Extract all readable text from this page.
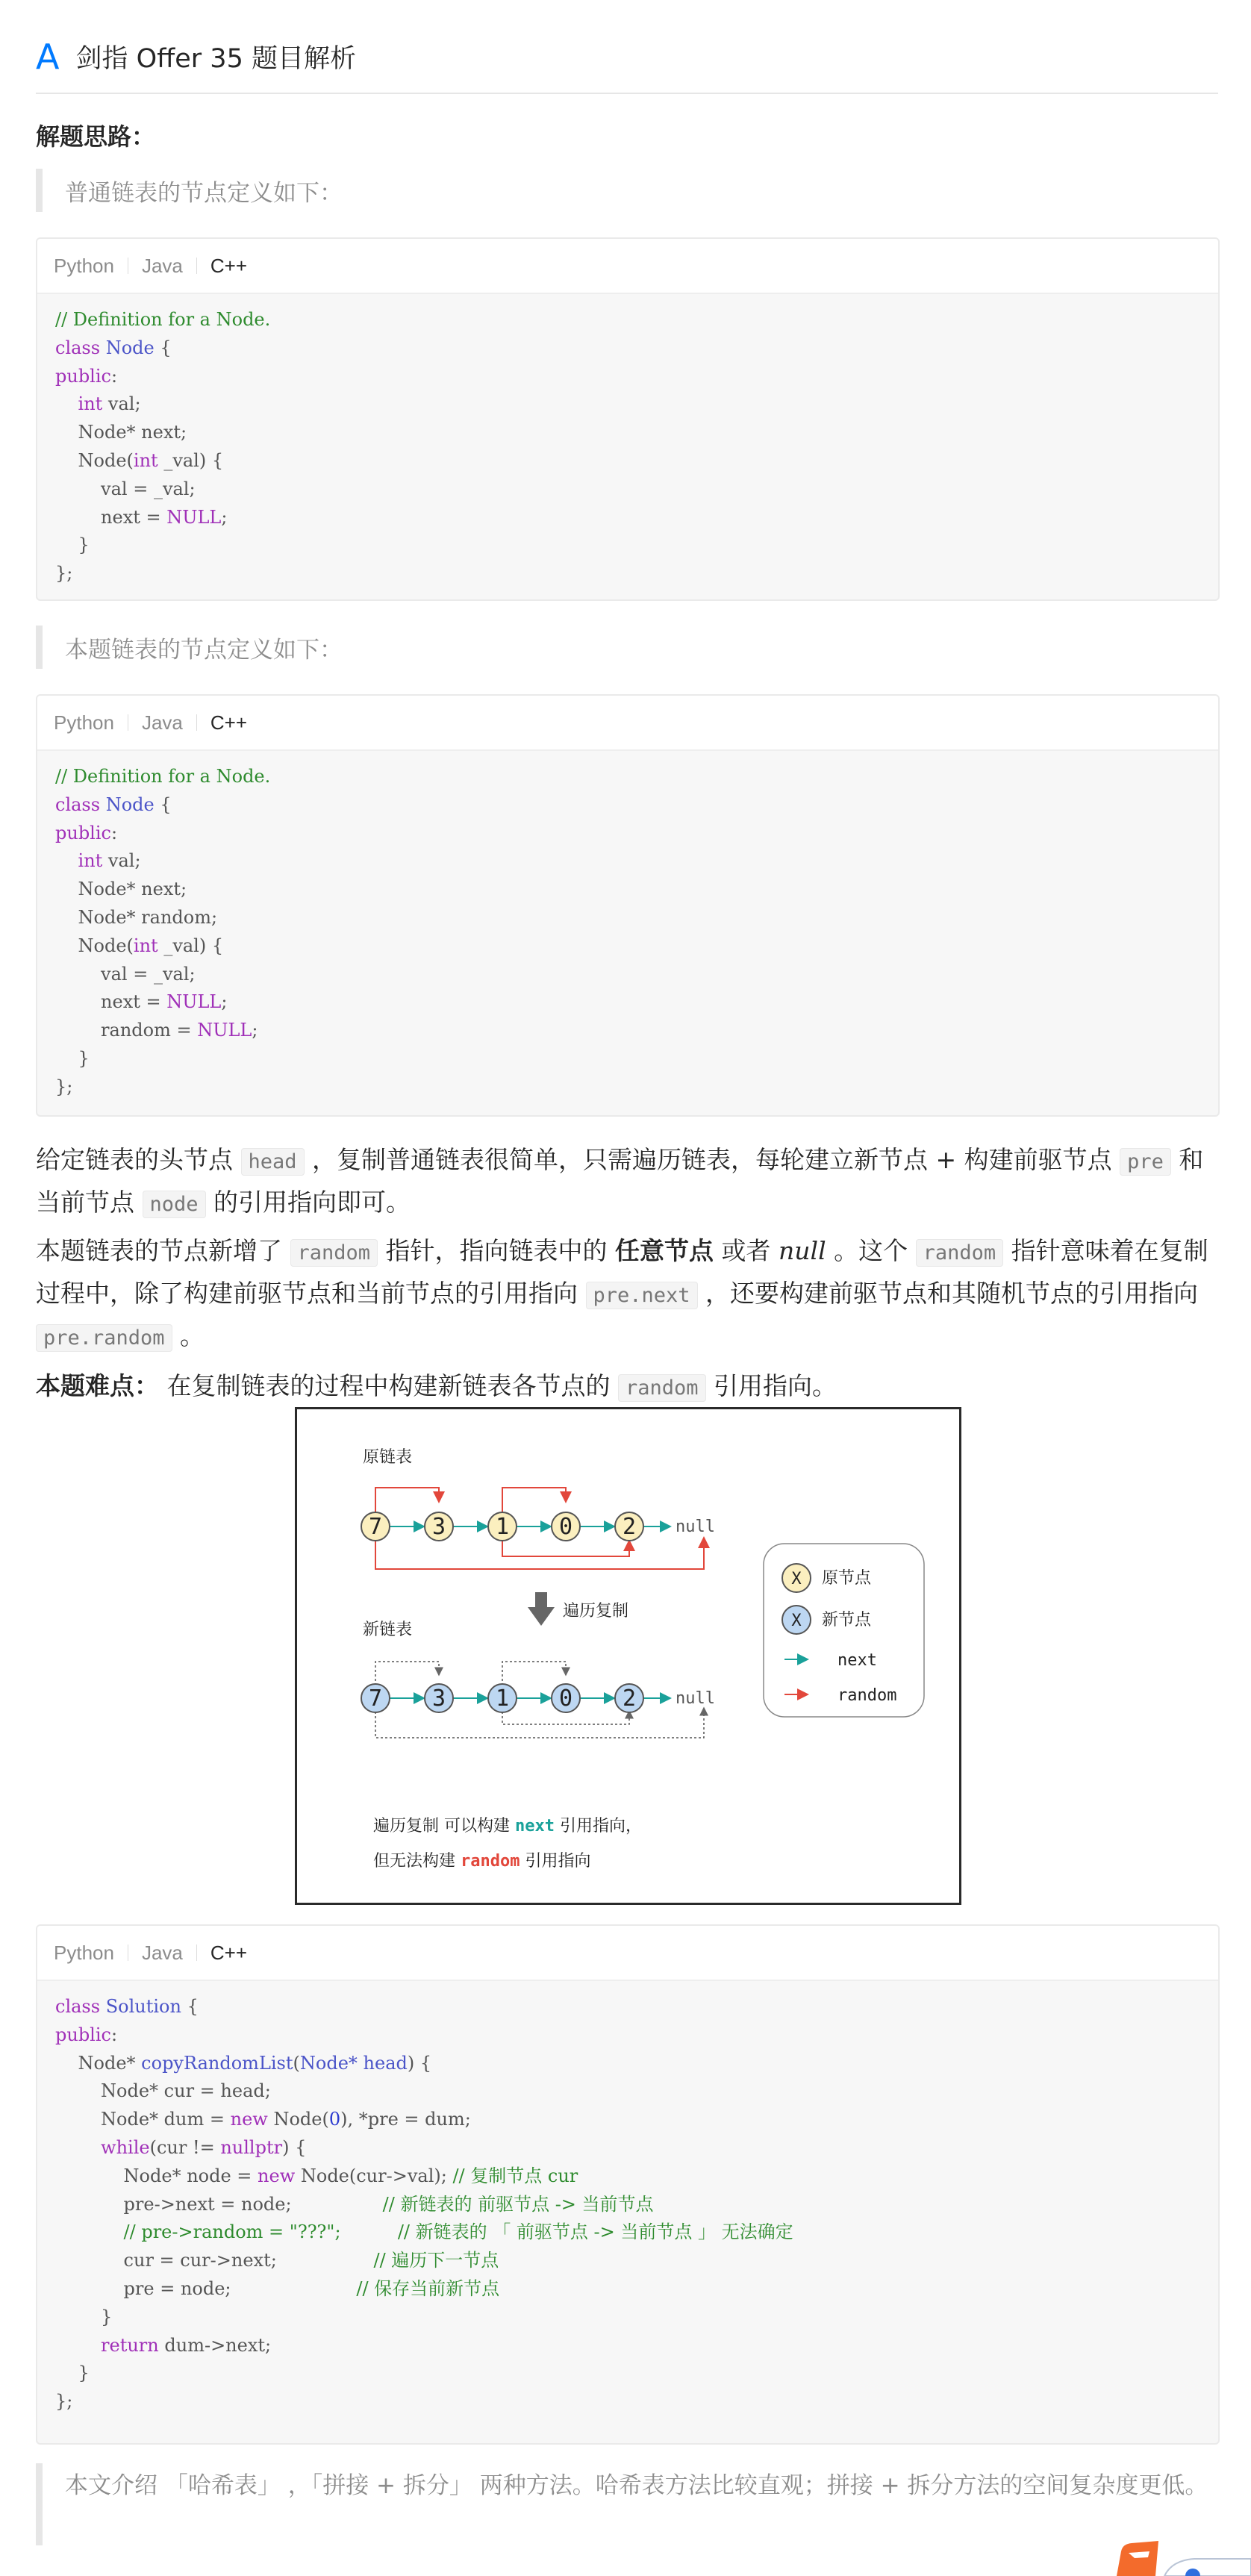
A 剑指 Offer 35 题目解析
解题思路：
普通链表的节点定义如下：
Python	Java	C++
// Definition for a Node.
class Node {
public:
int val;
Node* next;
Node(int _val) {
val = _val;
next = NULL;
}
};
本题链表的节点定义如下：
Python	Java	C++
// Definition for a Node.
class Node {
public:
int val;
Node* next;
Node* random;
Node(int _val) {
val = _val;
next = NULL;
random = NULL;
}
};
给定链表的头节点 head ，复制普通链表很简单，只需遍历链表，每轮建立新节点 + 构建前驱节点 pre 和当前节点 node 的引用指向即可。
本题链表的节点新增了 random 指针，指向链表中的 任意节点 或者 null 。这个 random 指针意味着在复制过程中，除了构建前驱节点和当前节点的引用指向 pre.next ，还要构建前驱节点和其随机节点的引用指向 pre.random 。
本题难点： 在复制链表的过程中构建新链表各节点的 random 引用指向。
原链表
新链表
7 3 1 0 2 null
遍历复制
7 3 1 0 2 null
X 原节点
X 新节点
next
random
遍历复制 可以构建 next 引用指向，
但无法构建 random 引用指向
Python	Java	C++
class Solution {
public:
Node* copyRandomList(Node* head) {
Node* cur = head;
Node* dum = new Node(0), *pre = dum;
while(cur != nullptr) {
Node* node = new Node(cur->val); // 复制节点 cur
pre->next = node;	// 新链表的 前驱节点 -> 当前节点
// pre->random = "???";          // 新链表的 「 前驱节点 -> 当前节点 」 无法确定
cur = cur->next;	// 遍历下一节点
pre = node;	// 保存当前新节点
}
return dum->next;
}
};
本文介绍 「哈希表」 ，「拼接 + 拆分」 两种方法。哈希表方法比较直观；拼接 + 拆分方法的空间复杂度更低。
